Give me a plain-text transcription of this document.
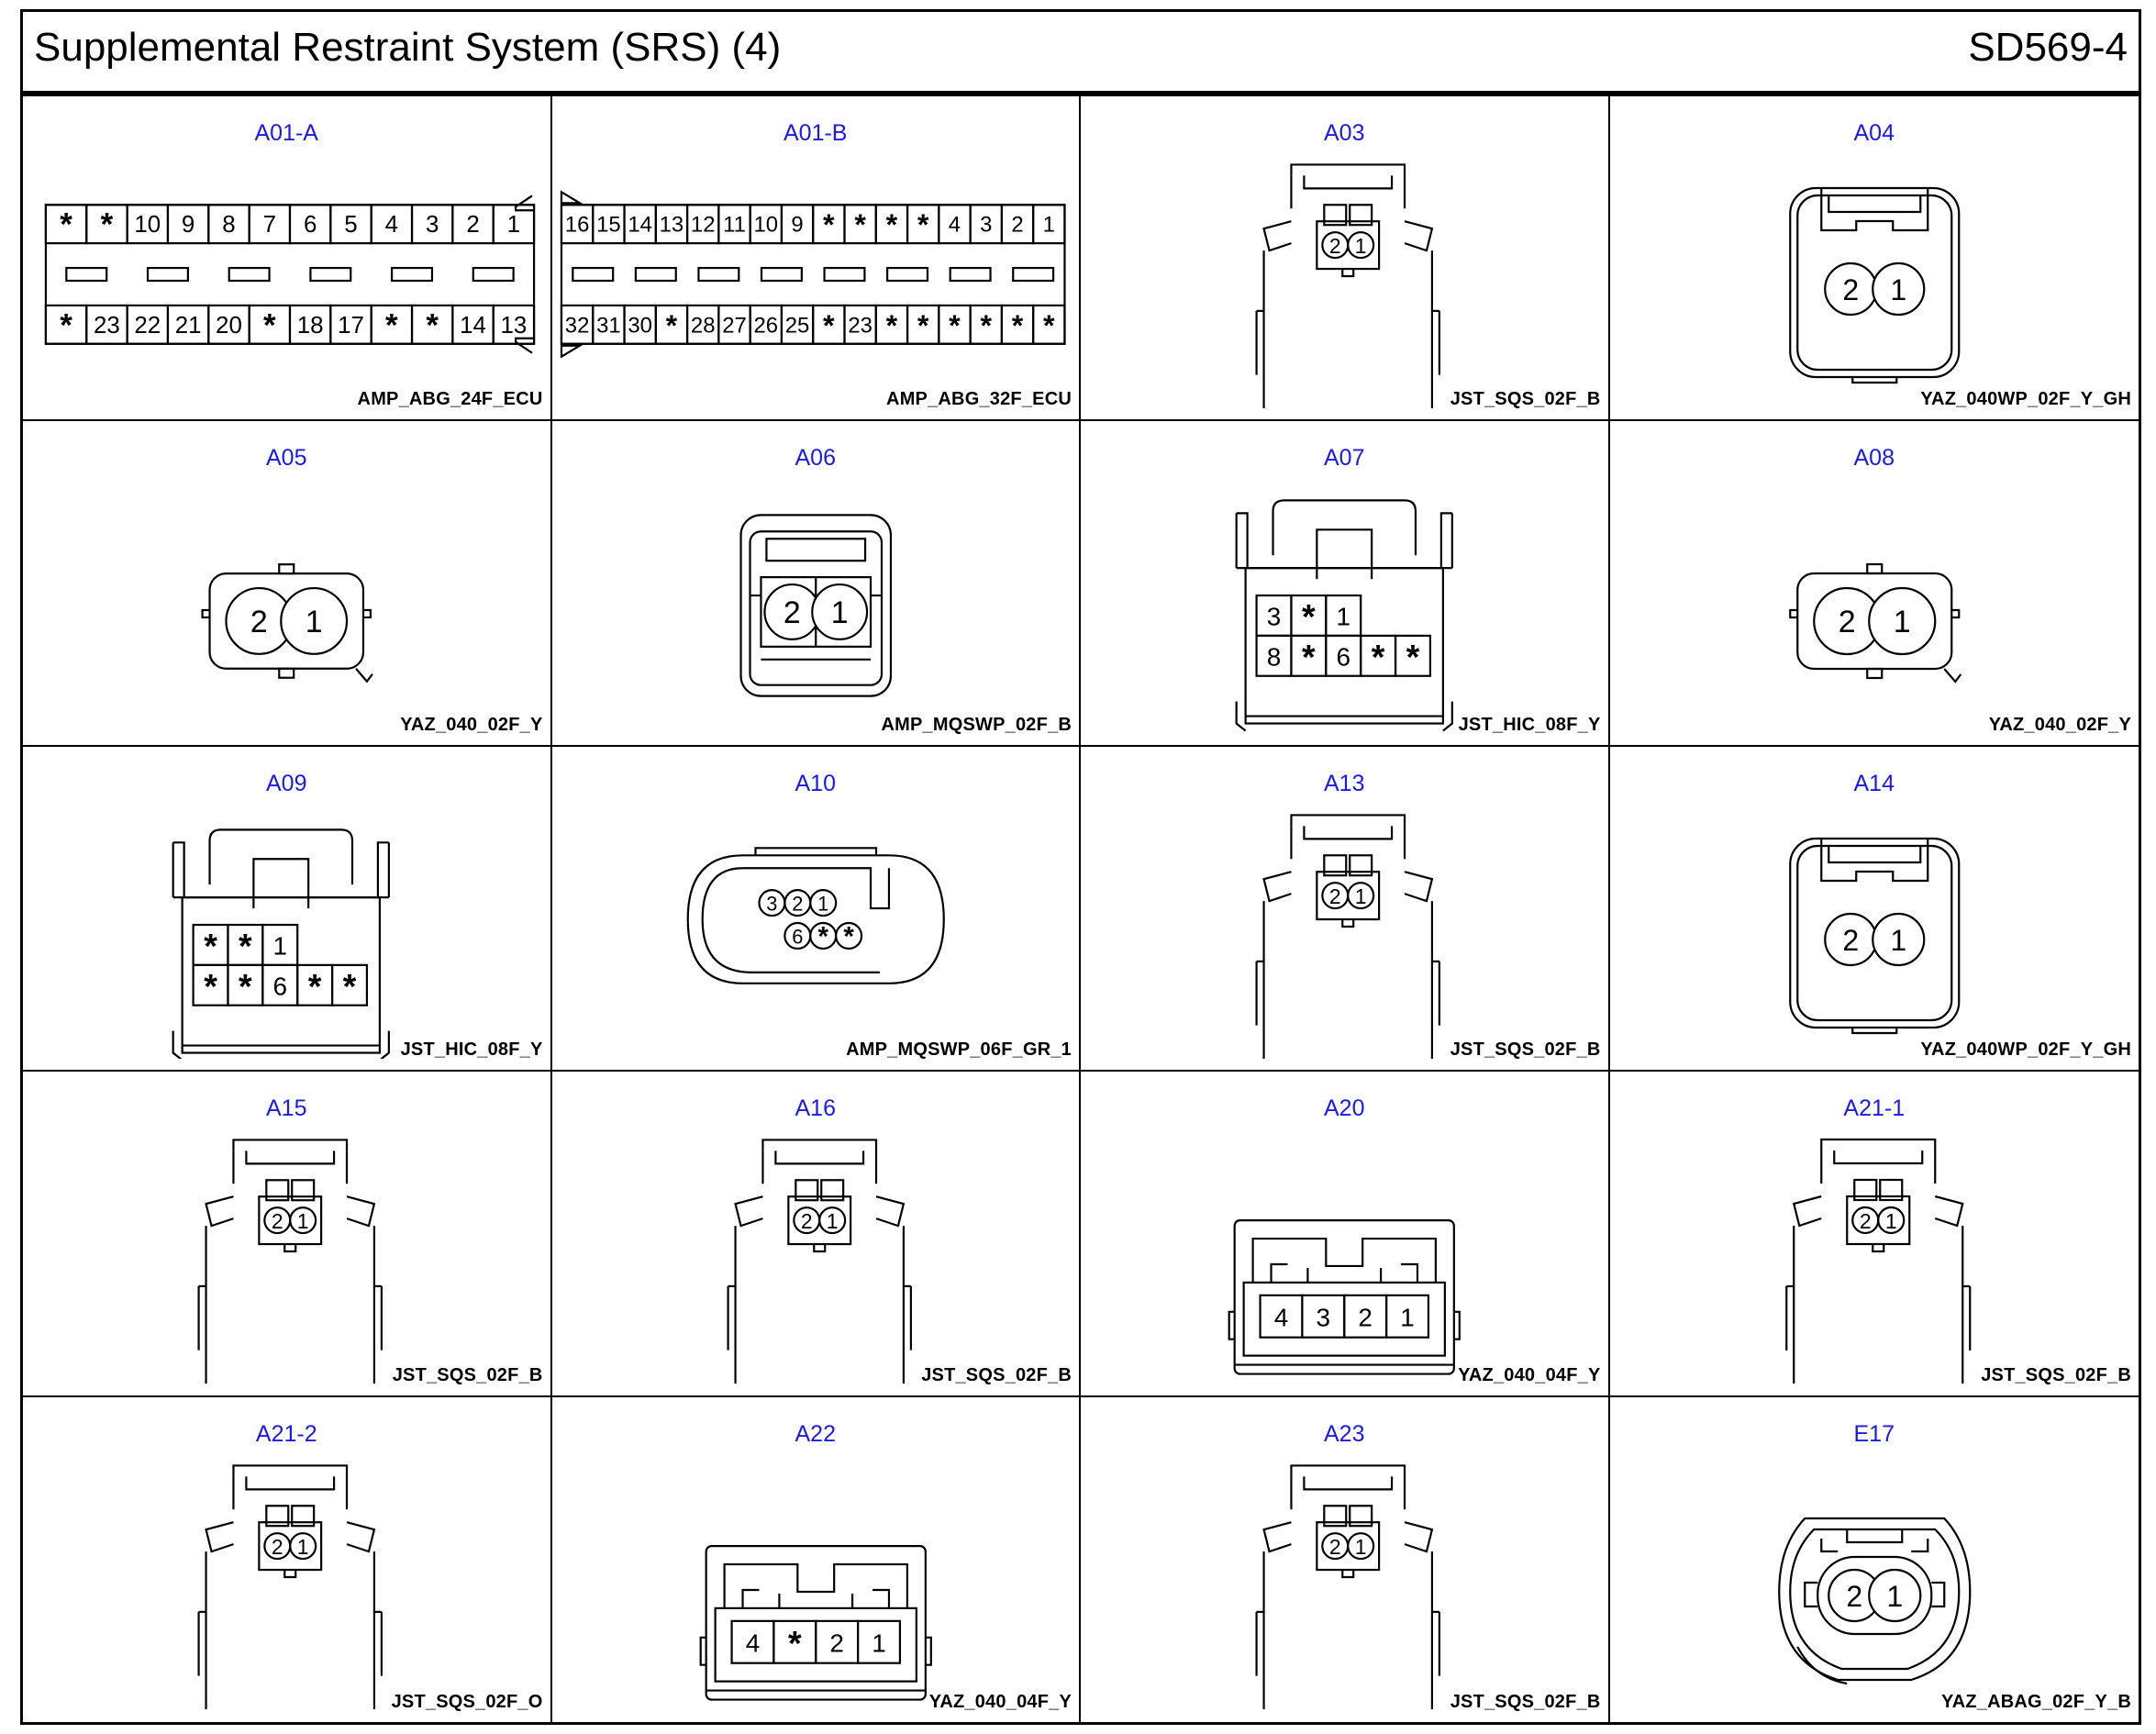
Supplemental Restraint System (SRS) (4)	SD569-4
A01-A
* * 10 9 8 7 6 5 4 3 2 1
* 23 22 21 20 * 18 17 * * 14 13
AMP_ABG_24F_ECU
A01-B
16 15 14 13 12 11 10 9 * * * * 4 3 2 1
32 31 30 * 28 27 26 25 * 23 * * * * * *
AMP_ABG_32F_ECU
A03
2 1
JST_SQS_02F_B
A04
2 1
YAZ_040WP_02F_Y_GH
A05
2 1
YAZ_040_02F_Y
A06
2 1
AMP_MQSWP_02F_B
A07
3 * 1
8 * 6 * *
JST_HIC_08F_Y
A08
2 1
YAZ_040_02F_Y
A09
* * 1
* * 6 * *
JST_HIC_08F_Y
A10
3 2 1
6 * *
AMP_MQSWP_06F_GR_1
A13
2 1
JST_SQS_02F_B
A14
2 1
YAZ_040WP_02F_Y_GH
A15
2 1
JST_SQS_02F_B
A16
2 1
JST_SQS_02F_B
A20
4 3 2 1
YAZ_040_04F_Y
A21-1
2 1
JST_SQS_02F_B
A21-2
2 1
JST_SQS_02F_O
A22
4 * 2 1
YAZ_040_04F_Y
A23
2 1
JST_SQS_02F_B
E17
2 1
YAZ_ABAG_02F_Y_B
